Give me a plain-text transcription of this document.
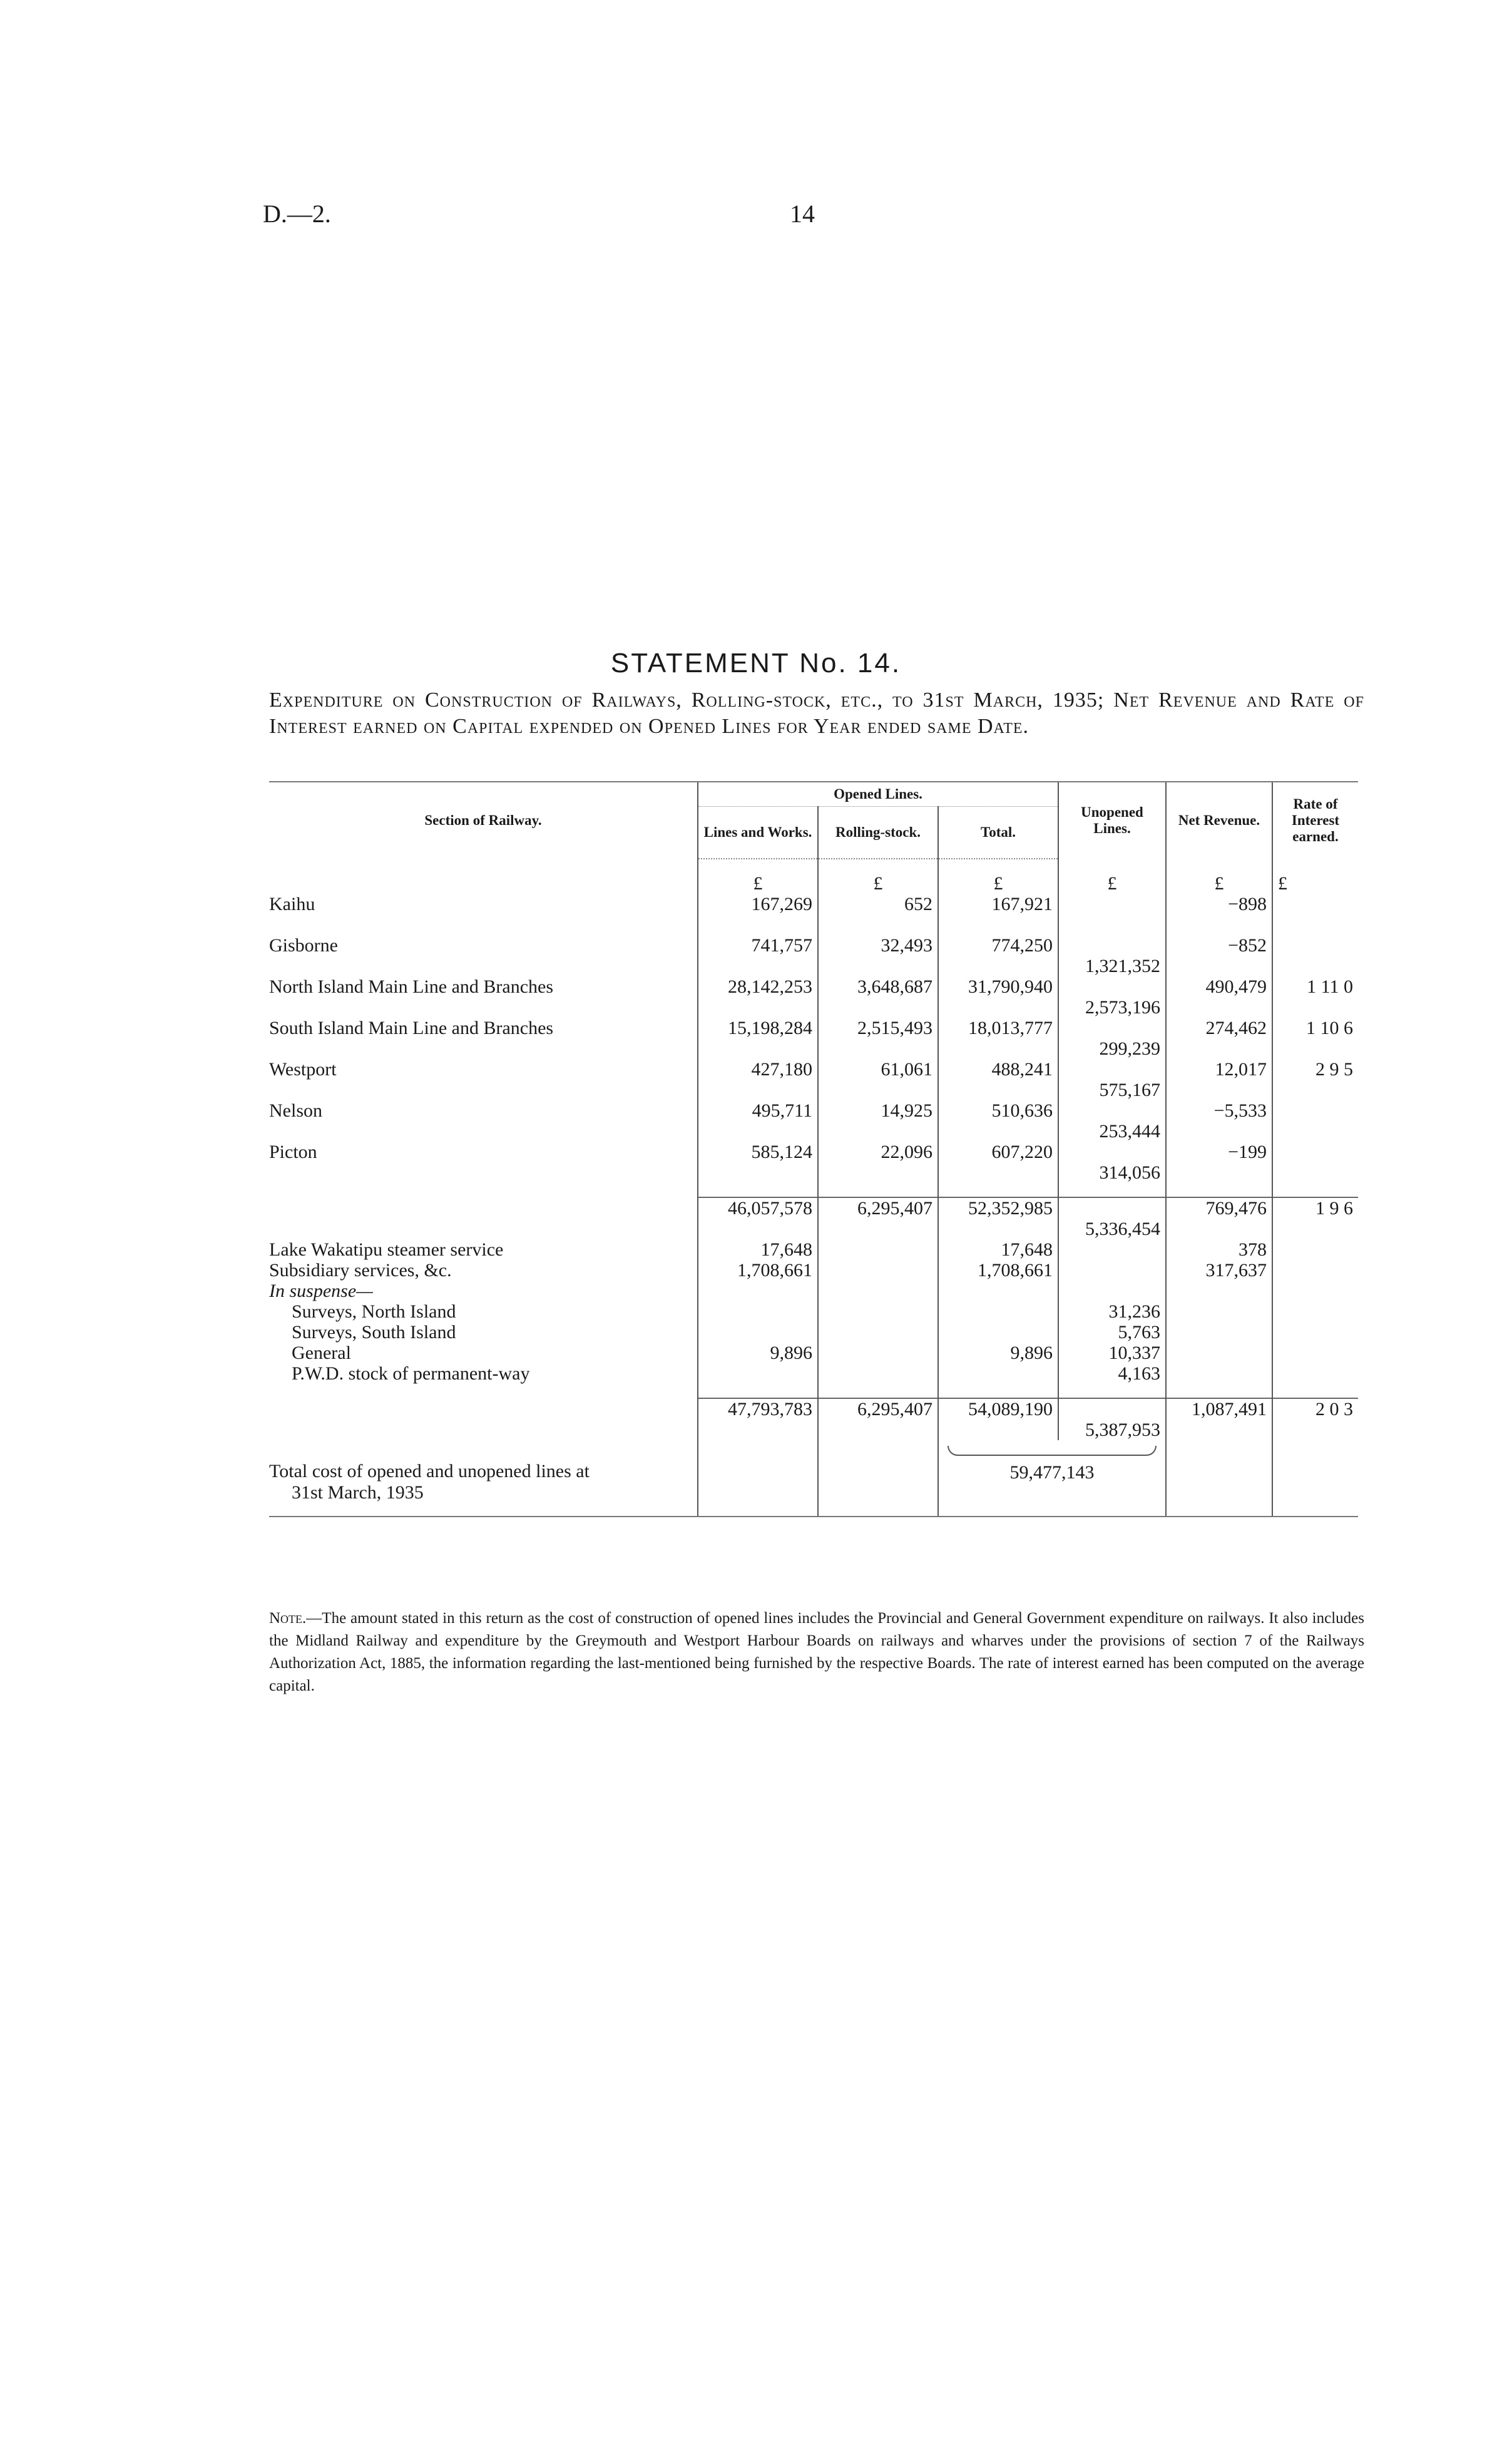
D.—2.	14
STATEMENT No. 14.
Expenditure on Construction of Railways, Rolling-stock, etc., to 31st March, 1935; Net Revenue and Rate of Interest earned on Capital expended on Opened Lines for Year ended same Date.
Section of Railway.	Opened Lines.			Unopened Lines.	Net Revenue.	Rate of Interest earned.
	Lines and Works.	Rolling-stock.	Total.			

	£	£	£	£	£	£
Kaihu	167,269	652	167,921		−898	

Gisborne	741,757	32,493	774,250		−852	
				1,321,352		
North Island Main Line and Branches	28,142,253	3,648,687	31,790,940		490,479	1 11 0
				2,573,196		
South Island Main Line and Branches	15,198,284	2,515,493	18,013,777		274,462	1 10 6
				299,239		
Westport	427,180	61,061	488,241		12,017	2 9 5
				575,167		
Nelson	495,711	14,925	510,636		−5,533	
				253,444		
Picton	585,124	22,096	607,220		−199	
				314,056		

	46,057,578	6,295,407	52,352,985		769,476	1 9 6
				5,336,454		
Lake Wakatipu steamer service	17,648		17,648		378	
Subsidiary services, &c.	1,708,661		1,708,661		317,637	
In suspense—						
Surveys, North Island				31,236		
Surveys, South Island				5,763		
General	9,896		9,896	10,337		
P.W.D. stock of permanent-way				4,163		

	47,793,783	6,295,407	54,089,190		1,087,491	2 0 3
				5,387,953		

Total cost of opened and unopened lines at
31st March, 1935			59,477,143			
Note.—The amount stated in this return as the cost of construction of opened lines includes the Provincial and General Government expenditure on railways. It also includes the Midland Railway and expenditure by the Greymouth and Westport Harbour Boards on railways and wharves under the provisions of section 7 of the Railways Authorization Act, 1885, the information regarding the last-mentioned being furnished by the respective Boards. The rate of interest earned has been computed on the average capital.
